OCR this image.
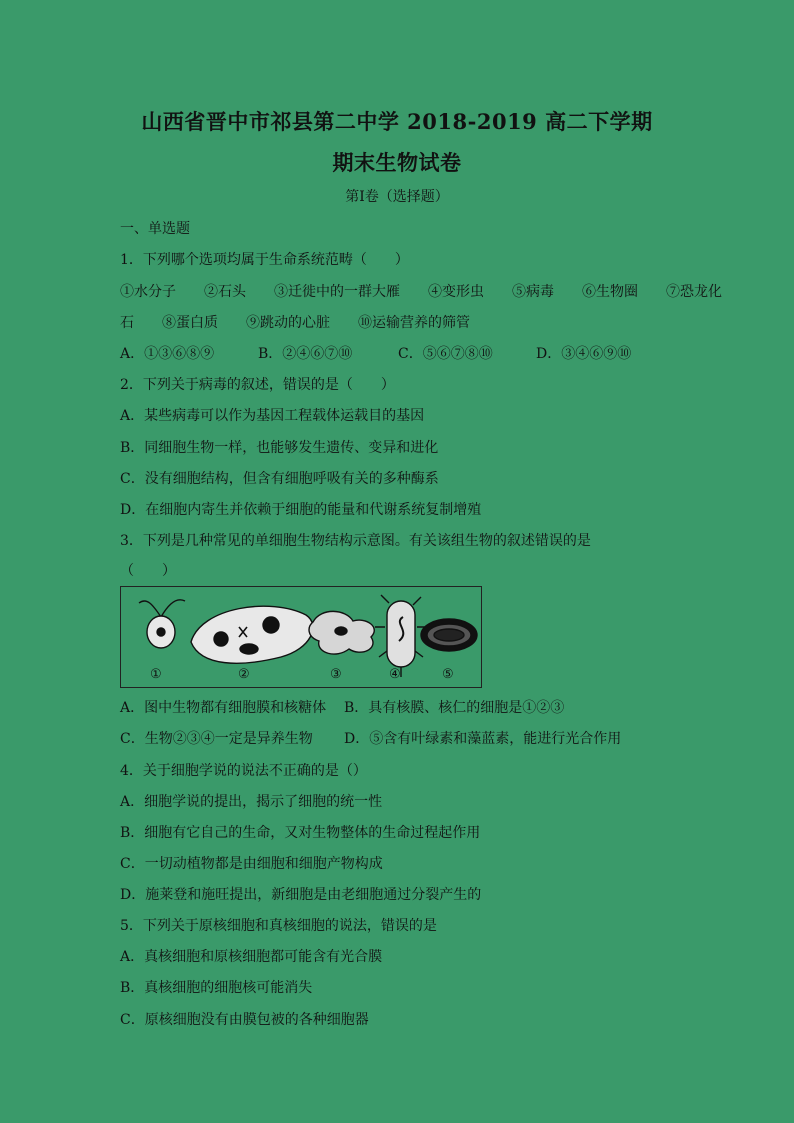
山西省晋中市祁县第二中学 2018-2019 高二下学期
期末生物试卷
第Ⅰ卷（选择题）
一、单选题
1．下列哪个选项均属于生命系统范畴（　　）
①水分子　　②石头　　③迁徙中的一群大雁　　④变形虫　　⑤病毒　　⑥生物圈　　⑦恐龙化
石　　⑧蛋白质　　⑨跳动的心脏　　⑩运输营养的筛管
A．①③⑥⑧⑨	B．②④⑥⑦⑩	C．⑤⑥⑦⑧⑩	D．③④⑥⑨⑩
2．下列关于病毒的叙述，错误的是（　　）
A．某些病毒可以作为基因工程载体运载目的基因
B．同细胞生物一样，也能够发生遗传、变异和进化
C．没有细胞结构，但含有细胞呼吸有关的多种酶系
D．在细胞内寄生并依赖于细胞的能量和代谢系统复制增殖
3．下列是几种常见的单细胞生物结构示意图。有关该组生物的叙述错误的是
（　　）
①	②	③	④	⑤
A．图中生物都有细胞膜和核糖体 B．具有核膜、核仁的细胞是①②③
C．生物②③④一定是异养生物 D．⑤含有叶绿素和藻蓝素，能进行光合作用
4．关于细胞学说的说法不正确的是（）
A．细胞学说的提出，揭示了细胞的统一性
B．细胞有它自己的生命，又对生物整体的生命过程起作用
C．一切动植物都是由细胞和细胞产物构成
D．施莱登和施旺提出，新细胞是由老细胞通过分裂产生的
5．下列关于原核细胞和真核细胞的说法，错误的是
A．真核细胞和原核细胞都可能含有光合膜
B．真核细胞的细胞核可能消失
C．原核细胞没有由膜包被的各种细胞器
